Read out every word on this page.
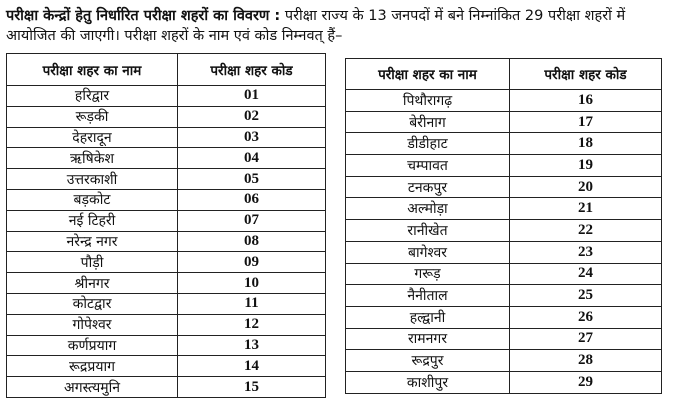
परीक्षा केन्द्रों हेतु निर्धारित परीक्षा शहरों का विवरण : परीक्षा राज्य के 13 जनपदों में बने निम्नांकित 29 परीक्षा शहरों में आयोजित की जाएगी। परीक्षा शहरों के नाम एवं कोड निम्नवत् हैं–

परीक्षा शहर का नाम	परीक्षा शहर कोड
हरिद्वार	01
रूड़की	02
देहरादून	03
ऋषिकेश	04
उत्तरकाशी	05
बड़कोट	06
नई टिहरी	07
नरेन्द्र नगर	08
पौड़ी	09
श्रीनगर	10
कोटद्वार	11
गोपेश्वर	12
कर्णप्रयाग	13
रूद्रप्रयाग	14
अगस्त्यमुनि	15
परीक्षा शहर का नाम	परीक्षा शहर कोड
पिथौरागढ़	16
बेरीनाग	17
डीडीहाट	18
चम्पावत	19
टनकपुर	20
अल्मोड़ा	21
रानीखेत	22
बागेश्वर	23
गरूड़	24
नैनीताल	25
हल्द्वानी	26
रामनगर	27
रूद्रपुर	28
काशीपुर	29
